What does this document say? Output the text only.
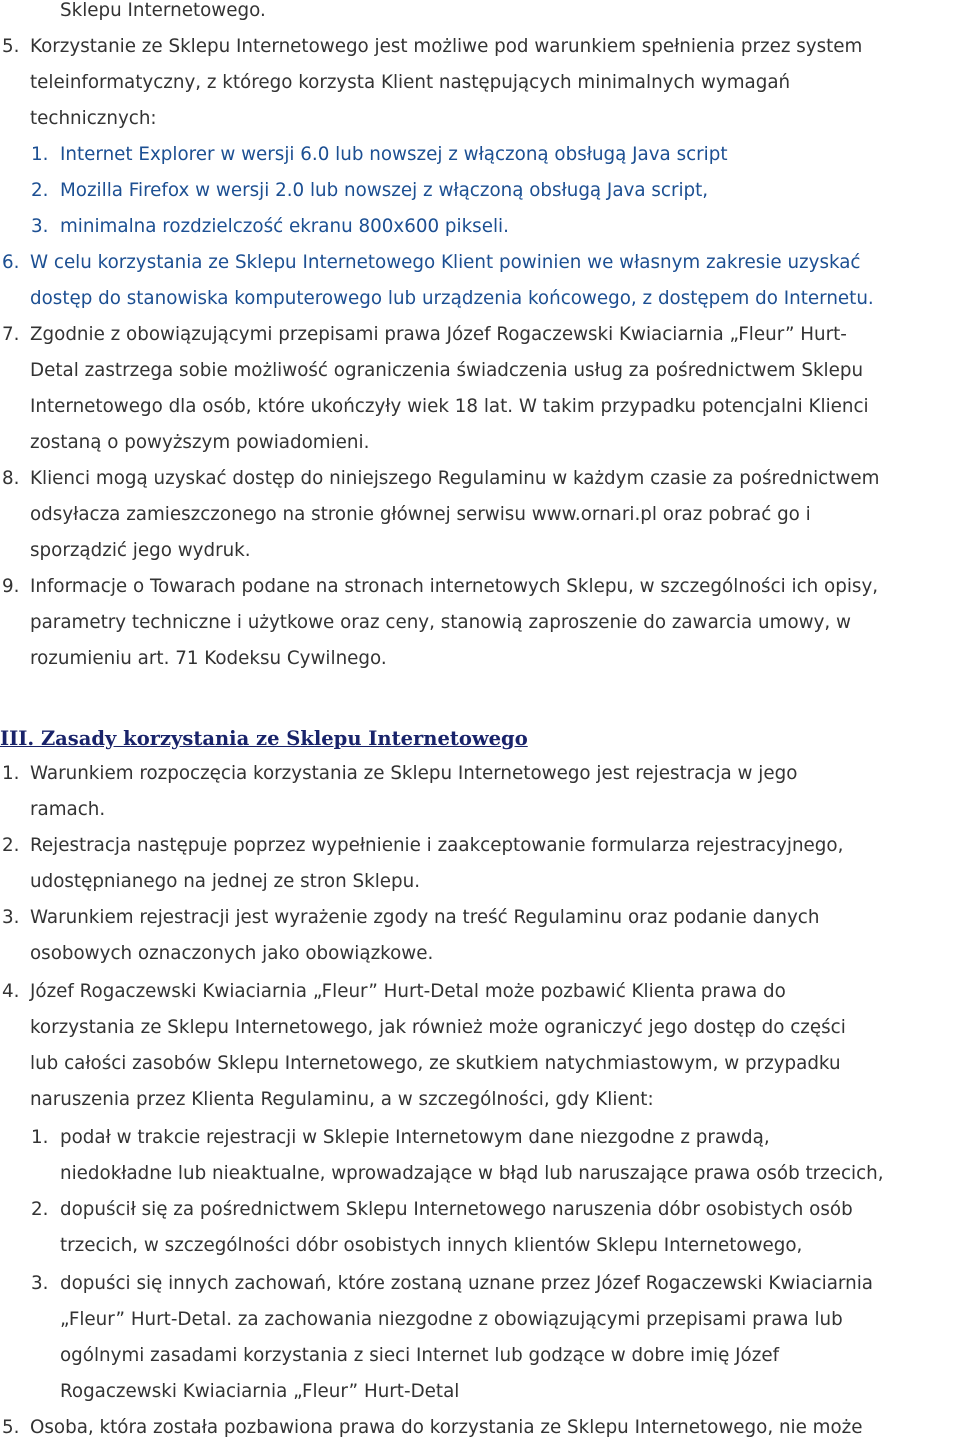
Sklepu Internetowego.
5. Korzystanie ze Sklepu Internetowego jest możliwe pod warunkiem spełnienia przez system
teleinformatyczny, z którego korzysta Klient następujących minimalnych wymagań
technicznych:
1. Internet Explorer w wersji 6.0 lub nowszej z włączoną obsługą Java script
2. Mozilla Firefox w wersji 2.0 lub nowszej z włączoną obsługą Java script,
3. minimalna rozdzielczość ekranu 800x600 pikseli.
6. W celu korzystania ze Sklepu Internetowego Klient powinien we własnym zakresie uzyskać
dostęp do stanowiska komputerowego lub urządzenia końcowego, z dostępem do Internetu.
7. Zgodnie z obowiązującymi przepisami prawa Józef Rogaczewski Kwiaciarnia „Fleur” Hurt-
Detal zastrzega sobie możliwość ograniczenia świadczenia usług za pośrednictwem Sklepu
Internetowego dla osób, które ukończyły wiek 18 lat. W takim przypadku potencjalni Klienci
zostaną o powyższym powiadomieni.
8. Klienci mogą uzyskać dostęp do niniejszego Regulaminu w każdym czasie za pośrednictwem
odsyłacza zamieszczonego na stronie głównej serwisu www.ornari.pl oraz pobrać go i
sporządzić jego wydruk.
9. Informacje o Towarach podane na stronach internetowych Sklepu, w szczególności ich opisy,
parametry techniczne i użytkowe oraz ceny, stanowią zaproszenie do zawarcia umowy, w
rozumieniu art. 71 Kodeksu Cywilnego.
III. Zasady korzystania ze Sklepu Internetowego
1. Warunkiem rozpoczęcia korzystania ze Sklepu Internetowego jest rejestracja w jego
ramach.
2. Rejestracja następuje poprzez wypełnienie i zaakceptowanie formularza rejestracyjnego,
udostępnianego na jednej ze stron Sklepu.
3. Warunkiem rejestracji jest wyrażenie zgody na treść Regulaminu oraz podanie danych
osobowych oznaczonych jako obowiązkowe.
4. Józef Rogaczewski Kwiaciarnia „Fleur” Hurt-Detal może pozbawić Klienta prawa do
korzystania ze Sklepu Internetowego, jak również może ograniczyć jego dostęp do części
lub całości zasobów Sklepu Internetowego, ze skutkiem natychmiastowym, w przypadku
naruszenia przez Klienta Regulaminu, a w szczególności, gdy Klient:
1. podał w trakcie rejestracji w Sklepie Internetowym dane niezgodne z prawdą,
niedokładne lub nieaktualne, wprowadzające w błąd lub naruszające prawa osób trzecich,
2. dopuścił się za pośrednictwem Sklepu Internetowego naruszenia dóbr osobistych osób
trzecich, w szczególności dóbr osobistych innych klientów Sklepu Internetowego,
3. dopuści się innych zachowań, które zostaną uznane przez Józef Rogaczewski Kwiaciarnia
„Fleur” Hurt-Detal. za zachowania niezgodne z obowiązującymi przepisami prawa lub
ogólnymi zasadami korzystania z sieci Internet lub godzące w dobre imię Józef
Rogaczewski Kwiaciarnia „Fleur” Hurt-Detal
5. Osoba, która została pozbawiona prawa do korzystania ze Sklepu Internetowego, nie może
